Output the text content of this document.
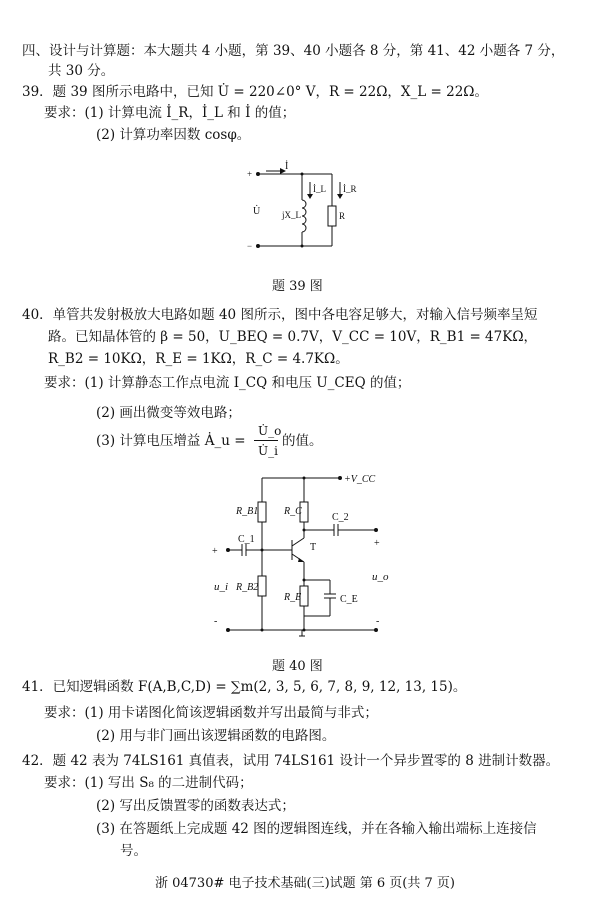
四、设计与计算题：本大题共 4 小题，第 39、40 小题各 8 分，第 41、42 小题各 7 分，
共 30 分。
39．题 39 图所示电路中，已知 U̇ = 220∠0° V，R = 22Ω，X_L = 22Ω。
要求：(1) 计算电流 İ_R，İ_L 和 İ 的值；
(2) 计算功率因数 cosφ。
İ
İ_L İ_R
U̇ jX_L	R
+
−
题 39 图
40．单管共发射极放大电路如题 40 图所示，图中各电容足够大，对输入信号频率呈短
路。已知晶体管的 β = 50，U_BEQ = 0.7V，V_CC = 10V，R_B1 = 47KΩ，
R_B2 = 10KΩ，R_E = 1KΩ，R_C = 4.7KΩ。
要求：(1) 计算静态工作点电流 I_CQ 和电压 U_CEQ 的值；
(2) 画出微变等效电路；
(3) 计算电压增益 Ȧ_u =
U̇_o
U̇_i
的值。
+V_CC
R_B1	R_C
C_1
C_2
T
R_B2
R_E	C_E
u_i
u_o
+
-
+
-
题 40 图
41．已知逻辑函数 F(A,B,C,D) = ∑m(2, 3, 5, 6, 7, 8, 9, 12, 13, 15)。
要求：(1) 用卡诺图化简该逻辑函数并写出最简与非式；
(2) 用与非门画出该逻辑函数的电路图。
42．题 42 表为 74LS161 真值表，试用 74LS161 设计一个异步置零的 8 进制计数器。
要求：(1) 写出 S₈ 的二进制代码；
(2) 写出反馈置零的函数表达式；
(3) 在答题纸上完成题 42 图的逻辑图连线，并在各输入输出端标上连接信
号。
浙 04730# 电子技术基础(三)试题 第 6 页(共 7 页)
